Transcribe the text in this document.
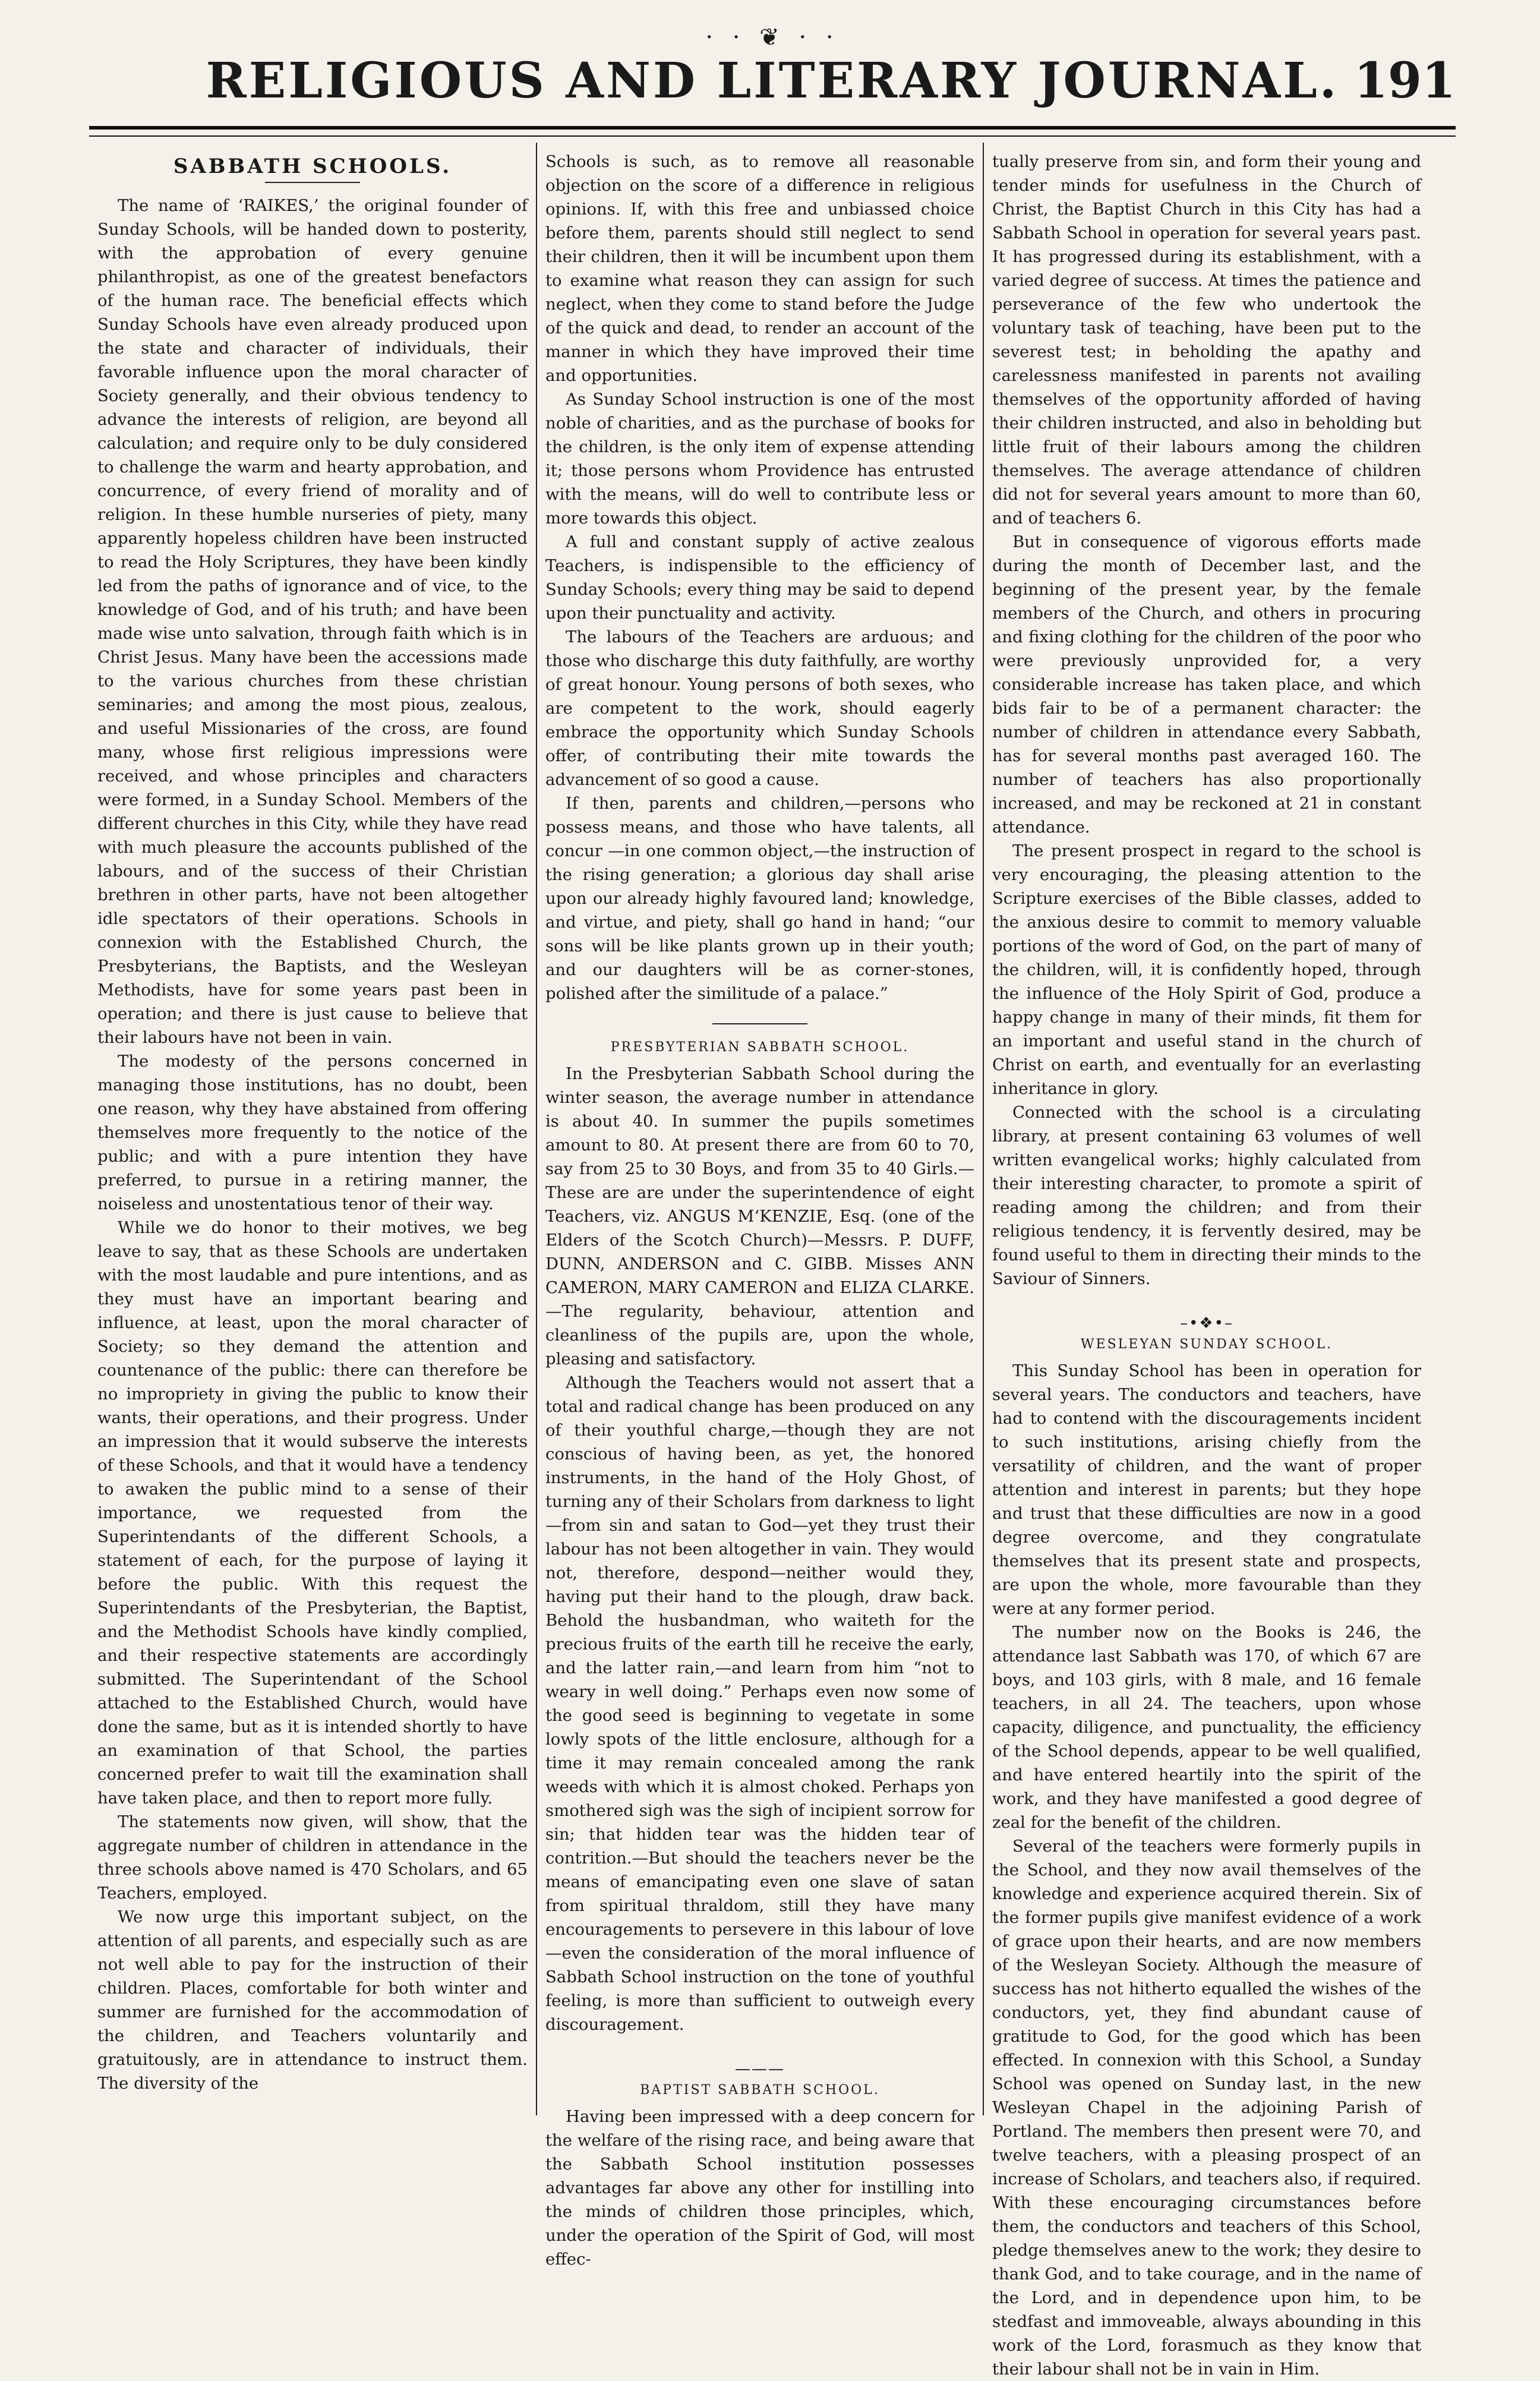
· · ❦ · ·
RELIGIOUS AND LITERARY JOURNAL. 191
SABBATH SCHOOLS.

The name of ‘RAIKES,’ the original founder of Sunday Schools, will be handed down to posterity, with the approbation of every genuine philanthropist, as one of the greatest benefactors of the human race. The beneficial effects which Sunday Schools have even already produced upon the state and character of individuals, their favorable influence upon the moral character of Society generally, and their obvious tendency to advance the interests of religion, are beyond all calculation; and require only to be duly considered to challenge the warm and hearty approbation, and concurrence, of every friend of morality and of religion. In these humble nurseries of piety, many apparently hopeless children have been instructed to read the Holy Scriptures, they have been kindly led from the paths of ignorance and of vice, to the knowledge of God, and of his truth; and have been made wise unto salvation, through faith which is in Christ Jesus. Many have been the accessions made to the various churches from these christian seminaries; and among the most pious, zealous, and useful Missionaries of the cross, are found many, whose first religious impressions were received, and whose principles and characters were formed, in a Sunday School. Members of the different churches in this City, while they have read with much pleasure the accounts published of the labours, and of the success of their Christian brethren in other parts, have not been altogether idle spectators of their operations. Schools in connexion with the Established Church, the Presbyterians, the Baptists, and the Wesleyan Methodists, have for some years past been in operation; and there is just cause to believe that their labours have not been in vain.

The modesty of the persons concerned in managing those institutions, has no doubt, been one reason, why they have abstained from offering themselves more frequently to the notice of the public; and with a pure intention they have preferred, to pursue in a retiring manner, the noiseless and unostentatious tenor of their way.

While we do honor to their motives, we beg leave to say, that as these Schools are undertaken with the most laudable and pure intentions, and as they must have an important bearing and influence, at least, upon the moral character of Society; so they demand the attention and countenance of the public: there can therefore be no impropriety in giving the public to know their wants, their operations, and their progress. Under an impression that it would subserve the interests of these Schools, and that it would have a tendency to awaken the public mind to a sense of their importance, we requested from the Superintendants of the different Schools, a statement of each, for the purpose of laying it before the public. With this request the Superintendants of the Presbyterian, the Baptist, and the Methodist Schools have kindly complied, and their respective statements are accordingly submitted. The Superintendant of the School attached to the Established Church, would have done the same, but as it is intended shortly to have an examination of that School, the parties concerned prefer to wait till the examination shall have taken place, and then to report more fully.

The statements now given, will show, that the aggregate number of children in attendance in the three schools above named is 470 Scholars, and 65 Teachers, employed.

We now urge this important subject, on the attention of all parents, and especially such as are not well able to pay for the instruction of their children. Places, comfortable for both winter and summer are furnished for the accommodation of the children, and Teachers voluntarily and gratuitously, are in attendance to instruct them. The diversity of the

Schools is such, as to remove all reasonable objection on the score of a difference in religious opinions. If, with this free and unbiassed choice before them, parents should still neglect to send their children, then it will be incumbent upon them to examine what reason they can assign for such neglect, when they come to stand before the Judge of the quick and dead, to render an account of the manner in which they have improved their time and opportunities.

As Sunday School instruction is one of the most noble of charities, and as the purchase of books for the children, is the only item of expense attending it; those persons whom Providence has entrusted with the means, will do well to contribute less or more towards this object.

A full and constant supply of active zealous Teachers, is indispensible to the efficiency of Sunday Schools; every thing may be said to depend upon their punctuality and activity.

The labours of the Teachers are arduous; and those who discharge this duty faithfully, are worthy of great honour. Young persons of both sexes, who are competent to the work, should eagerly embrace the opportunity which Sunday Schools offer, of contributing their mite towards the advancement of so good a cause.

If then, parents and children,—persons who possess means, and those who have talents, all concur —in one common object,—the instruction of the rising generation; a glorious day shall arise upon our already highly favoured land; knowledge, and virtue, and piety, shall go hand in hand; “our sons will be like plants grown up in their youth; and our daughters will be as corner-stones, polished after the similitude of a palace.”

PRESBYTERIAN SABBATH SCHOOL.

In the Presbyterian Sabbath School during the winter season, the average number in attendance is about 40. In summer the pupils sometimes amount to 80. At present there are from 60 to 70, say from 25 to 30 Boys, and from 35 to 40 Girls.—These are are under the superintendence of eight Teachers, viz. ANGUS M‘KENZIE, Esq. (one of the Elders of the Scotch Church)—Messrs. P. DUFF, DUNN, ANDERSON and C. GIBB. Misses ANN CAMERON, MARY CAMERON and ELIZA CLARKE.—The regularity, behaviour, attention and cleanliness of the pupils are, upon the whole, pleasing and satisfactory.

Although the Teachers would not assert that a total and radical change has been produced on any of their youthful charge,—though they are not conscious of having been, as yet, the honored instruments, in the hand of the Holy Ghost, of turning any of their Scholars from darkness to light—from sin and satan to God—yet they trust their labour has not been altogether in vain. They would not, therefore, despond—neither would they, having put their hand to the plough, draw back. Behold the husbandman, who waiteth for the precious fruits of the earth till he receive the early, and the latter rain,—and learn from him “not to weary in well doing.” Perhaps even now some of the good seed is beginning to vegetate in some lowly spots of the little enclosure, although for a time it may remain concealed among the rank weeds with which it is almost choked. Perhaps yon smothered sigh was the sigh of incipient sorrow for sin; that hidden tear was the hidden tear of contrition.—But should the teachers never be the means of emancipating even one slave of satan from spiritual thraldom, still they have many encouragements to persevere in this labour of love—even the consideration of the moral influence of Sabbath School instruction on the tone of youthful feeling, is more than sufficient to outweigh every discouragement.

———
BAPTIST SABBATH SCHOOL.

Having been impressed with a deep concern for the welfare of the rising race, and being aware that the Sabbath School institution possesses advantages far above any other for instilling into the minds of children those principles, which, under the operation of the Spirit of God, will most effec-

tually preserve from sin, and form their young and tender minds for usefulness in the Church of Christ, the Baptist Church in this City has had a Sabbath School in operation for several years past. It has progressed during its establishment, with a varied degree of success. At times the patience and perseverance of the few who undertook the voluntary task of teaching, have been put to the severest test; in beholding the apathy and carelessness manifested in parents not availing themselves of the opportunity afforded of having their children instructed, and also in beholding but little fruit of their labours among the children themselves. The average attendance of children did not for several years amount to more than 60, and of teachers 6.

But in consequence of vigorous efforts made during the month of December last, and the beginning of the present year, by the female members of the Church, and others in procuring and fixing clothing for the children of the poor who were previously unprovided for, a very considerable increase has taken place, and which bids fair to be of a permanent character: the number of children in attendance every Sabbath, has for several months past averaged 160. The number of teachers has also proportionally increased, and may be reckoned at 21 in constant attendance.

The present prospect in regard to the school is very encouraging, the pleasing attention to the Scripture exercises of the Bible classes, added to the anxious desire to commit to memory valuable portions of the word of God, on the part of many of the children, will, it is confidently hoped, through the influence of the Holy Spirit of God, produce a happy change in many of their minds, fit them for an important and useful stand in the church of Christ on earth, and eventually for an everlasting inheritance in glory.

Connected with the school is a circulating library, at present containing 63 volumes of well written evangelical works; highly calculated from their interesting character, to promote a spirit of reading among the children; and from their religious tendency, it is fervently desired, may be found useful to them in directing their minds to the Saviour of Sinners.

–•❖•–
WESLEYAN SUNDAY SCHOOL.

This Sunday School has been in operation for several years. The conductors and teachers, have had to contend with the discouragements incident to such institutions, arising chiefly from the versatility of children, and the want of proper attention and interest in parents; but they hope and trust that these difficulties are now in a good degree overcome, and they congratulate themselves that its present state and prospects, are upon the whole, more favourable than they were at any former period.

The number now on the Books is 246, the attendance last Sabbath was 170, of which 67 are boys, and 103 girls, with 8 male, and 16 female teachers, in all 24. The teachers, upon whose capacity, diligence, and punctuality, the efficiency of the School depends, appear to be well qualified, and have entered heartily into the spirit of the work, and they have manifested a good degree of zeal for the benefit of the children.

Several of the teachers were formerly pupils in the School, and they now avail themselves of the knowledge and experience acquired therein. Six of the former pupils give manifest evidence of a work of grace upon their hearts, and are now members of the Wesleyan Society. Although the measure of success has not hitherto equalled the wishes of the conductors, yet, they find abundant cause of gratitude to God, for the good which has been effected. In connexion with this School, a Sunday School was opened on Sunday last, in the new Wesleyan Chapel in the adjoining Parish of Portland. The members then present were 70, and twelve teachers, with a pleasing prospect of an increase of Scholars, and teachers also, if required. With these encouraging circumstances before them, the conductors and teachers of this School, pledge themselves anew to the work; they desire to thank God, and to take courage, and in the name of the Lord, and in dependence upon him, to be stedfast and immoveable, always abounding in this work of the Lord, forasmuch as they know that their labour shall not be in vain in Him.
